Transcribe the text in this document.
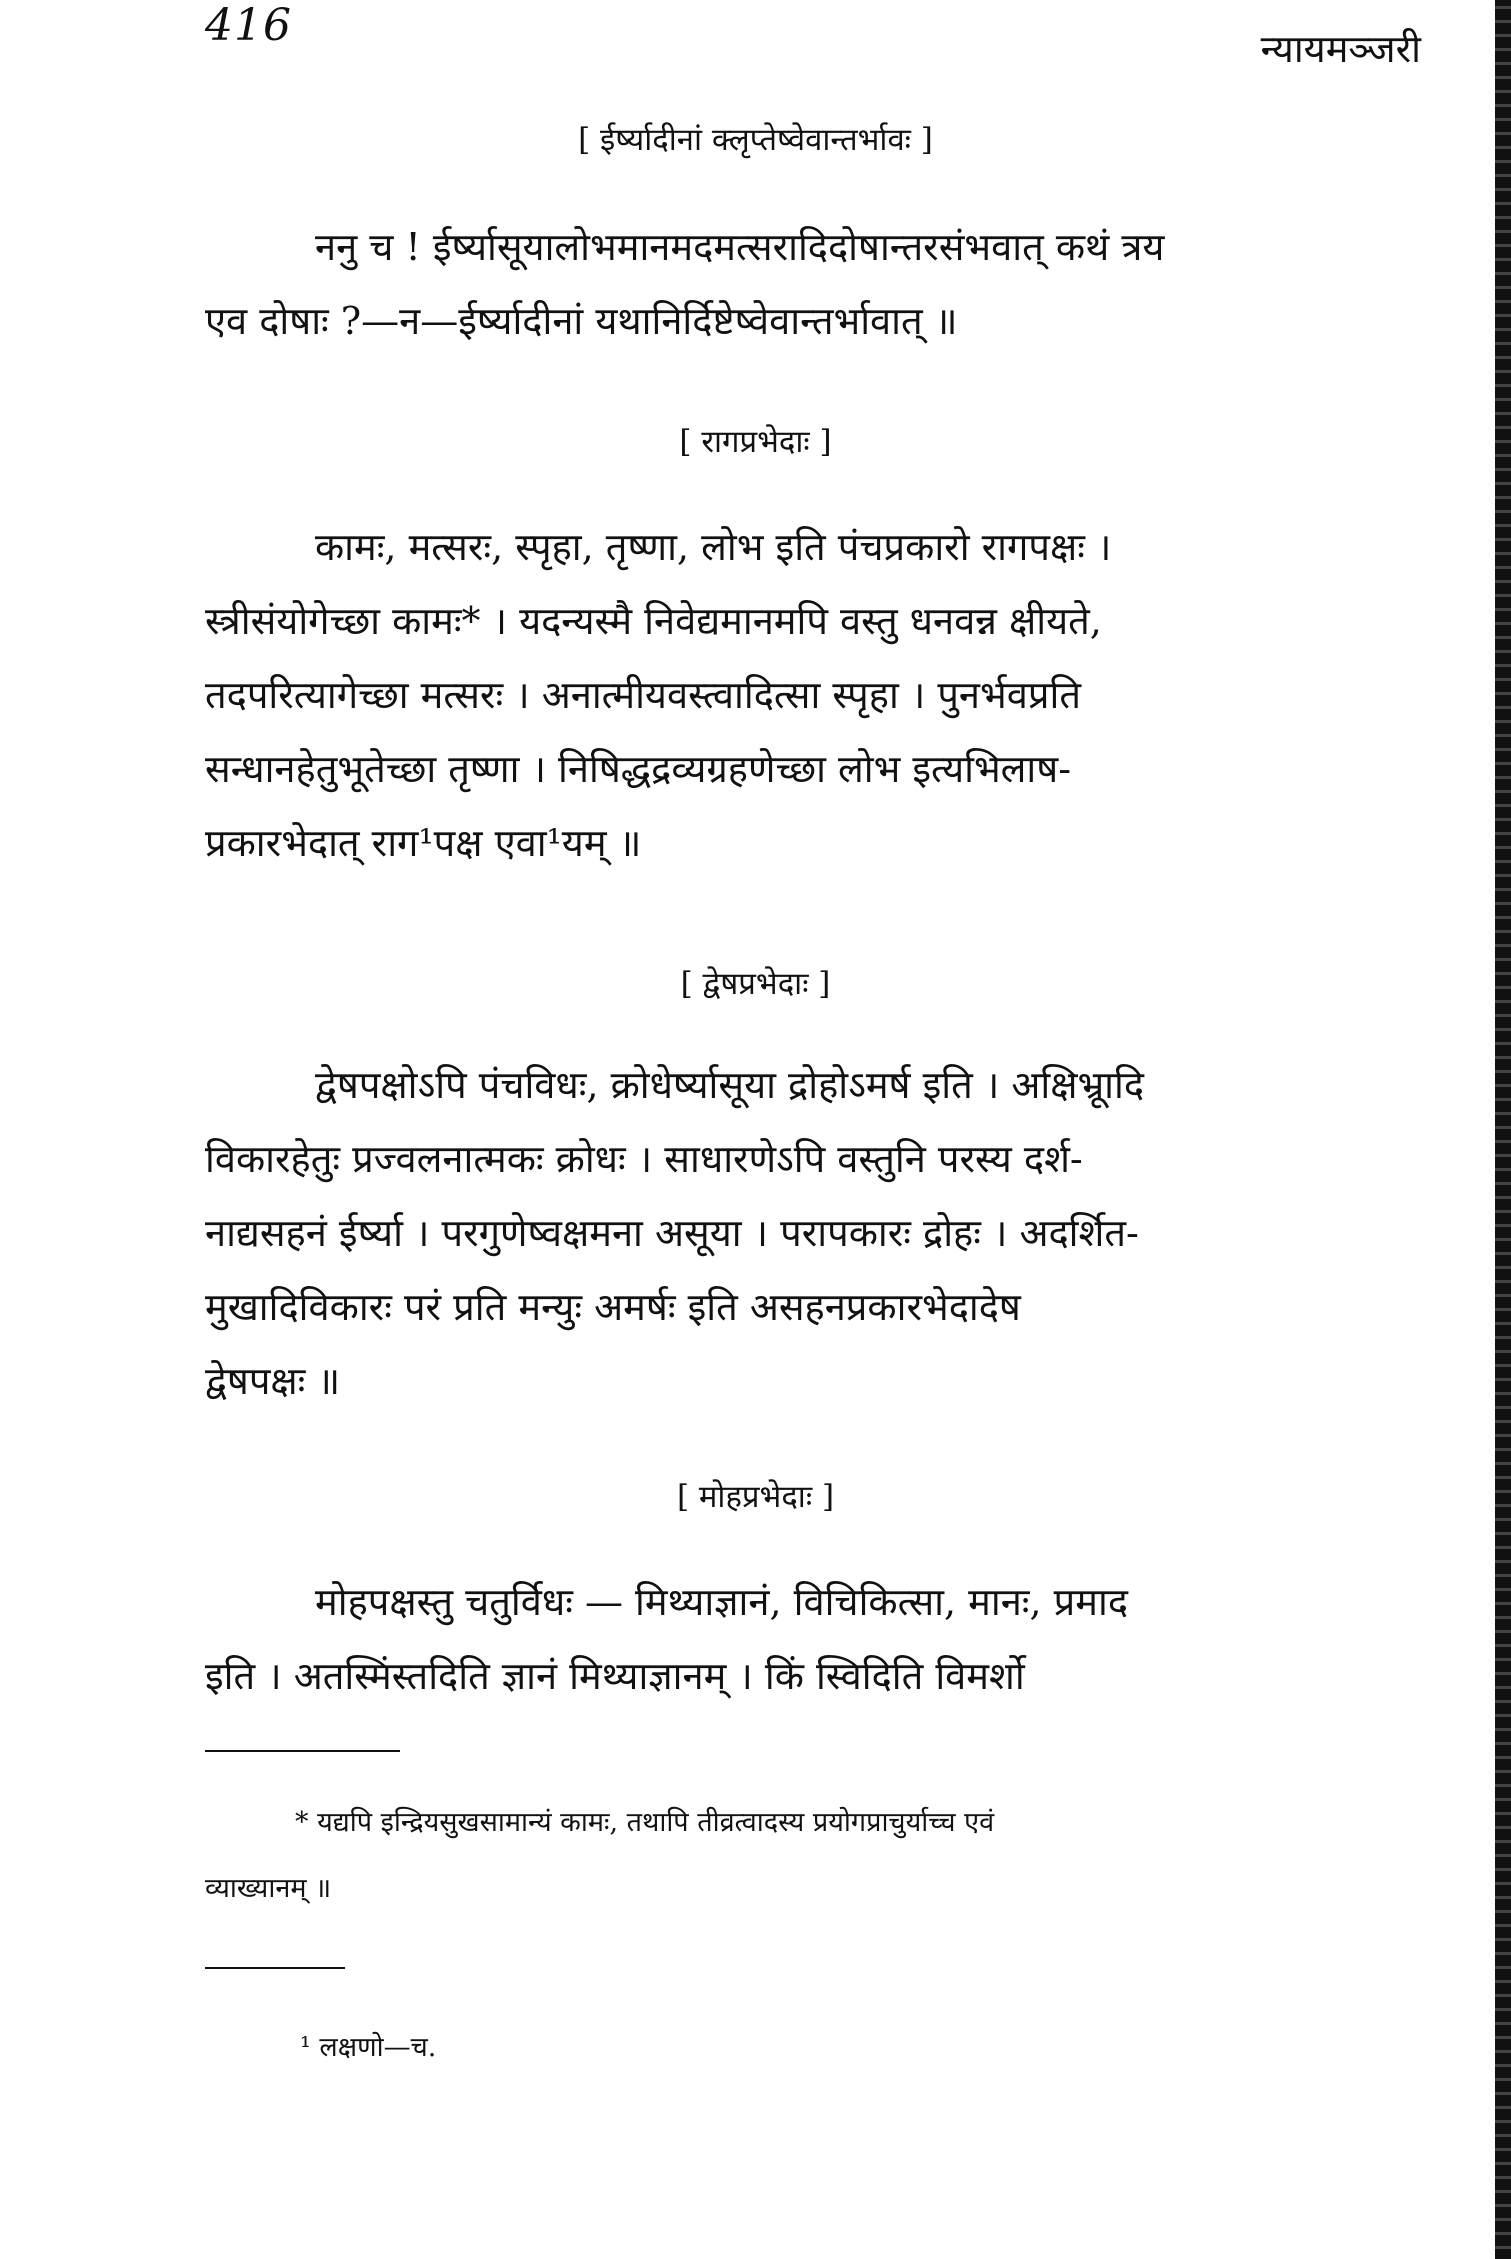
416	न्यायमञ्जरी
[ ईर्ष्यादीनां क्लृप्तेष्वेवान्तर्भावः ]
ननु च ! ईर्ष्यासूयालोभमानमदमत्सरादिदोषान्तरसंभवात् कथं त्रय
एव दोषाः ?—न—ईर्ष्यादीनां यथानिर्दिष्टेष्वेवान्तर्भावात् ॥
[ रागप्रभेदाः ]
कामः, मत्सरः, स्पृहा, तृष्णा, लोभ इति पंचप्रकारो रागपक्षः ।
स्त्रीसंयोगेच्छा कामः* । यदन्यस्मै निवेद्यमानमपि वस्तु धनवन्न क्षीयते,
तदपरित्यागेच्छा मत्सरः । अनात्मीयवस्त्वादित्सा स्पृहा । पुनर्भवप्रति
सन्धानहेतुभूतेच्छा तृष्णा । निषिद्धद्रव्यग्रहणेच्छा लोभ इत्यभिलाष-
प्रकारभेदात् राग¹पक्ष एवा¹यम् ॥
[ द्वेषप्रभेदाः ]
द्वेषपक्षोऽपि पंचविधः, क्रोधेर्ष्यासूया द्रोहोऽमर्ष इति । अक्षिभ्रूादि
विकारहेतुः प्रज्वलनात्मकः क्रोधः । साधारणेऽपि वस्तुनि परस्य दर्श-
नाद्यसहनं ईर्ष्या । परगुणेष्वक्षमना असूया । परापकारः द्रोहः । अदर्शित-
मुखादिविकारः परं प्रति मन्युः अमर्षः इति असहनप्रकारभेदादेष
द्वेषपक्षः ॥
[ मोहप्रभेदाः ]
मोहपक्षस्तु चतुर्विधः — मिथ्याज्ञानं, विचिकित्सा, मानः, प्रमाद
इति । अतस्मिंस्तदिति ज्ञानं मिथ्याज्ञानम् । किं स्विदिति विमर्शो
* यद्यपि इन्द्रियसुखसामान्यं कामः, तथापि तीव्रत्वादस्य प्रयोगप्राचुर्याच्च एवं
व्याख्यानम् ॥
¹ लक्षणो—च.
